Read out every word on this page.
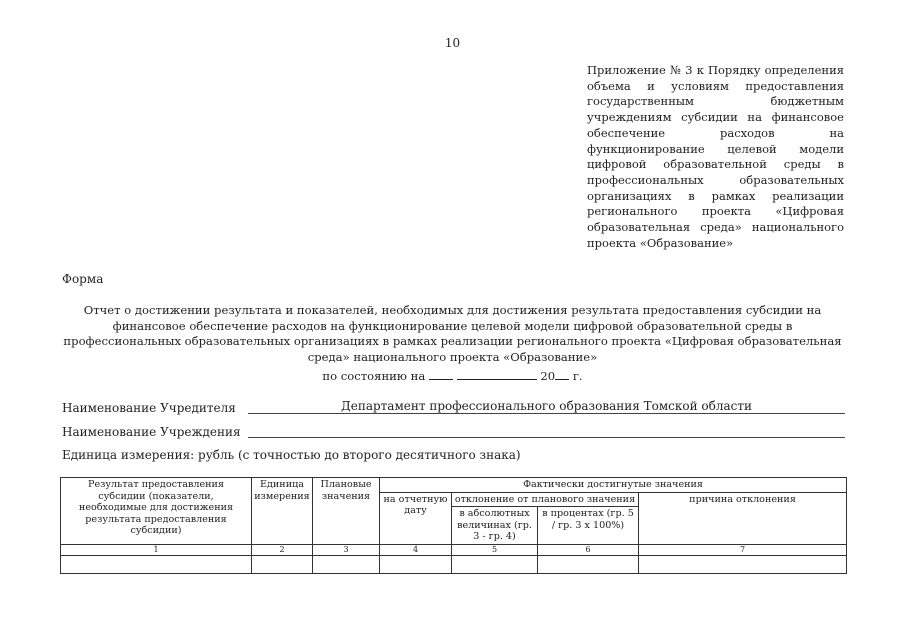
10
Приложение № 3 к Порядку определения объема и условиям предоставления государственным бюджетным учреждениям субсидии на финансовое обеспечение расходов на функционирование целевой модели цифровой образовательной среды в профессиональных образовательных организациях в рамках реализации регионального проекта «Цифровая образовательная среда» национального проекта «Образование»
Форма
Отчет о достижении результата и показателей, необходимых для достижения результата предоставления субсидии на финансовое обеспечение расходов на функционирование целевой модели цифровой образовательной среды в профессиональных образовательных организациях в рамках реализации регионального проекта «Цифровая образовательная среда» национального проекта «Образование»
по состоянию на	20 г.
Наименование Учредителя	Департамент профессионального образования Томской области
Наименование Учреждения
Единица измерения: рубль (с точностью до второго десятичного знака)
Результат предоставления субсидии (показатели, необходимые для достижения результата предоставления субсидии)	Единица измерения	Плановые значения	Фактически достигнутые значения			
			на отчетную дату	отклонение от планового значения		причина отклонения
				в абсолютных величинах (гр. 3 - гр. 4)	в процентах (гр. 5 / гр. 3 x 100%)	
1	2	3	4	5	6	7
